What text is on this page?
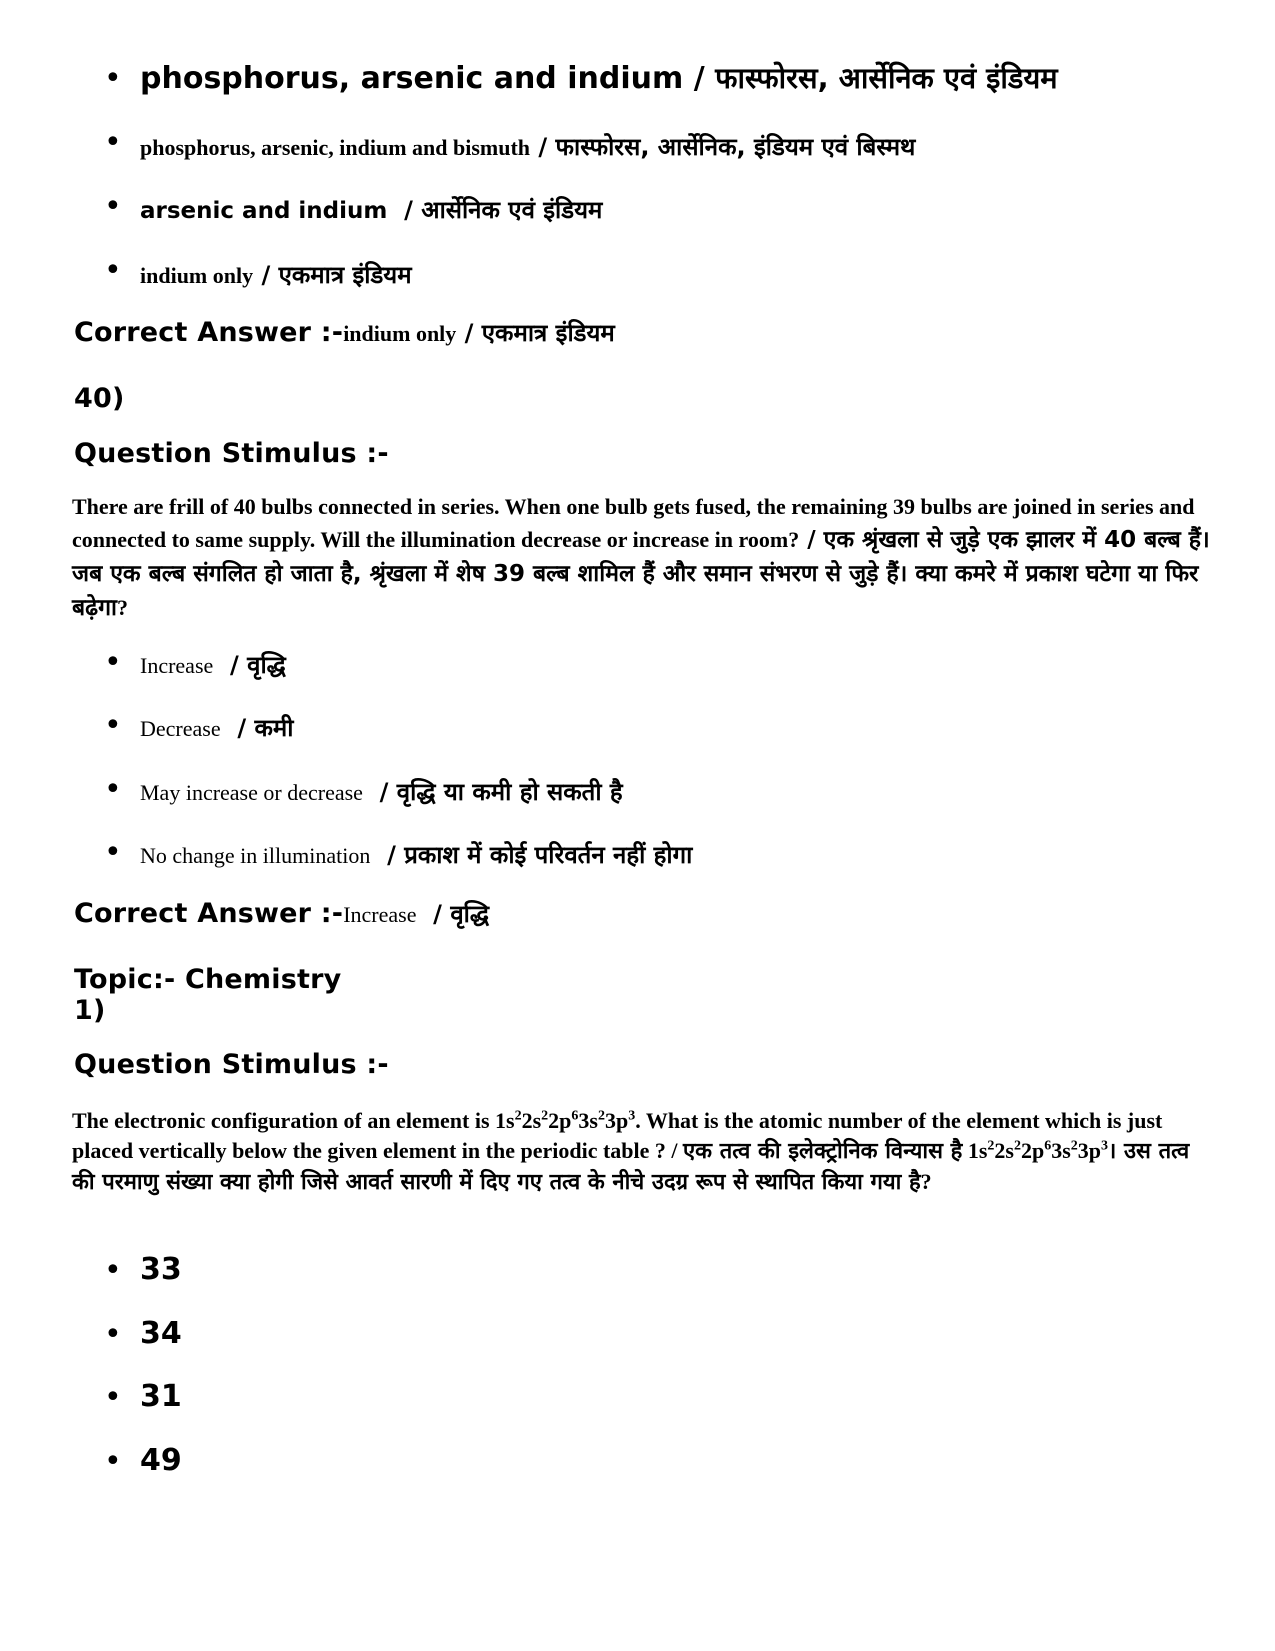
• phosphorus, arsenic and indium / फास्फोरस, आर्सेनिक एवं इंडियम
• phosphorus, arsenic, indium and bismuth / फास्फोरस, आर्सेनिक, इंडियम एवं बिस्मथ
• arsenic and indium  / आर्सेनिक एवं इंडियम
• indium only / एकमात्र इंडियम
Correct Answer :-indium only / एकमात्र इंडियम
40)
Question Stimulus :-
There are frill of 40 bulbs connected in series. When one bulb gets fused, the remaining 39 bulbs are joined in series and connected to same supply. Will the illumination decrease or increase in room? / एक श्रृंखला से जुड़े एक झालर में 40 बल्ब हैं। जब एक बल्ब संगलित हो जाता है, श्रृंखला में शेष 39 बल्ब शामिल हैं और समान संभरण से जुड़े हैं। क्या कमरे में प्रकाश घटेगा या फिर बढ़ेगा?
• Increase  / वृद्धि
• Decrease  / कमी
• May increase or decrease  / वृद्धि या कमी हो सकती है
• No change in illumination  / प्रकाश में कोई परिवर्तन नहीं होगा
Correct Answer :-Increase  / वृद्धि
Topic:- Chemistry
1)
Question Stimulus :-
The electronic configuration of an element is $1s^22s^22p^63s^23p^3$. What is the atomic number of the element which is just placed vertically below the given element in the periodic table ? / एक तत्व की इलेक्ट्रोनिक विन्यास है $1s^22s^22p^63s^23p^3।$ उस तत्व की परमाणु संख्या क्या होगी जिसे आवर्त सारणी में दिए गए तत्व के नीचे उदग्र रूप से स्थापित किया गया है?
• 33
• 34
• 31
• 49
